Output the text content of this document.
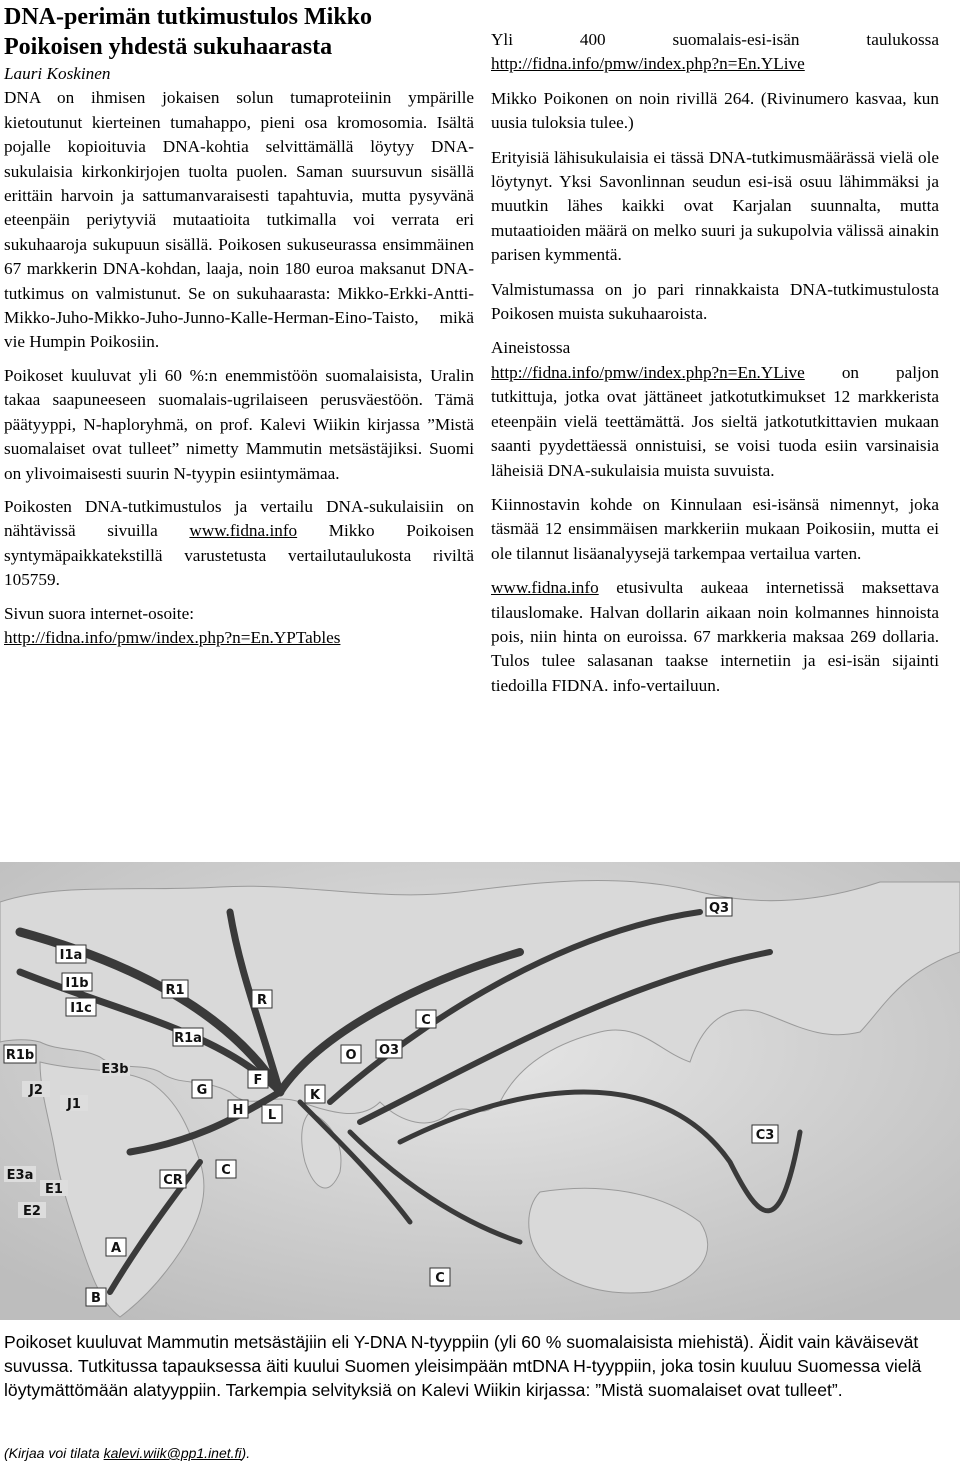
DNA-perimän tutkimustulos Mikko
Poikoisen yhdestä sukuhaarasta

Lauri Koskinen

DNA on ihmisen jokaisen solun tumaproteiinin ympärille kietoutunut kierteinen tumahappo, pieni osa kromosomia. Isältä pojalle kopioituvia DNA-kohtia selvittämällä löytyy DNA-sukulaisia kirkonkirjojen tuolta puolen. Saman suursuvun sisällä erittäin harvoin ja sattumanvaraisesti tapahtuvia, mutta pysyvänä eteenpäin periytyviä mutaatioita tutkimalla voi verrata eri sukuhaaroja sukupuun sisällä. Poikosen sukuseurassa ensimmäinen 67 markkerin DNA-kohdan, laaja, noin 180 euroa maksanut DNA-tutkimus on valmistunut. Se on sukuhaarasta: Mikko-Erkki-Antti-Mikko-Juho-Mikko-Juho-Junno-Kalle-Herman-Eino-Taisto, mikä vie Humpin Poikosiin.

Poikoset kuuluvat yli 60 %:n enemmistöön suomalaisista, Uralin takaa saapuneeseen suomalais-ugrilaiseen perusväestöön. Tämä päätyyppi, N-haploryhmä, on prof. Kalevi Wiikin kirjassa ”Mistä suomalaiset ovat tulleet” nimetty Mammutin metsästäjiksi. Suomi on ylivoimaisesti suurin N-tyypin esiintymämaa.

Poikosten DNA-tutkimustulos ja vertailu DNA-sukulaisiin on nähtävissä sivuilla www.fidna.info Mikko Poikoisen syntymäpaikkatekstillä varustetusta vertailutaulukosta riviltä 105759.

Sivun suora internet-osoite:
http://fidna.info/pmw/index.php?n=En.YPTables

Yli 400 suomalais-esi-isän taulukossa http://fidna.info/pmw/index.php?n=En.YLive

Mikko Poikonen on noin rivillä 264. (Rivinumero kasvaa, kun uusia tuloksia tulee.)

Erityisiä lähisukulaisia ei tässä DNA-tutkimusmäärässä vielä ole löytynyt. Yksi Savonlinnan seudun esi-isä osuu lähimmäksi ja muutkin lähes kaikki ovat Karjalan suunnalta, mutta mutaatioiden määrä on melko suuri ja sukupolvia välissä ainakin parisen kymmentä.

Valmistumassa on jo pari rinnakkaista DNA-tutkimustulosta Poikosen muista sukuhaaroista.

Aineistossa
http://fidna.info/pmw/index.php?n=En.YLive on paljon tutkittuja, jotka ovat jättäneet jatkotutkimukset 12 markkerista eteenpäin vielä teettämättä. Jos sieltä jatkotutkittavien mukaan saanti pyydettäessä onnistuisi, se voisi tuoda esiin varsinaisia läheisiä DNA-sukulaisia muista suvuista.

Kiinnostavin kohde on Kinnulaan esi-isänsä nimennyt, joka täsmää 12 ensimmäisen markkeriin mukaan Poikosiin, mutta ei ole tilannut lisäanalyysejä tarkempaa vertailua varten.

www.fidna.info etusivulta aukeaa internetissä maksettava tilauslomake. Halvan dollarin aikaan noin kolmannes hinnoista pois, niin hinta on euroissa. 67 markkeria maksaa 269 dollaria. Tulos tulee salasanan taakse internetiin ja esi-isän sijainti tiedoilla FIDNA. info-vertailuun.

I1a
I1b
I1c
R1b
E3b
J2
J1
E3a
E1
E2
A
B
R1
R
R1a
G
F
H L
K
C
CR
C
O3
O
Q3
C3
C

Poikoset kuuluvat Mammutin metsästäjiin eli Y-DNA N-tyyppiin (yli 60 % suomalaisista miehistä). Äidit vain käväisevät suvussa. Tutkitussa tapauksessa äiti kuului Suomen yleisimpään mtDNA H-tyyppiin, joka tosin kuuluu Suomessa vielä löytymättömään alatyyppiin. Tarkempia selvityksiä on Kalevi Wiikin kirjassa: ”Mistä suomalaiset ovat tulleet”.

(Kirjaa voi tilata kalevi.wiik@pp1.inet.fi).
